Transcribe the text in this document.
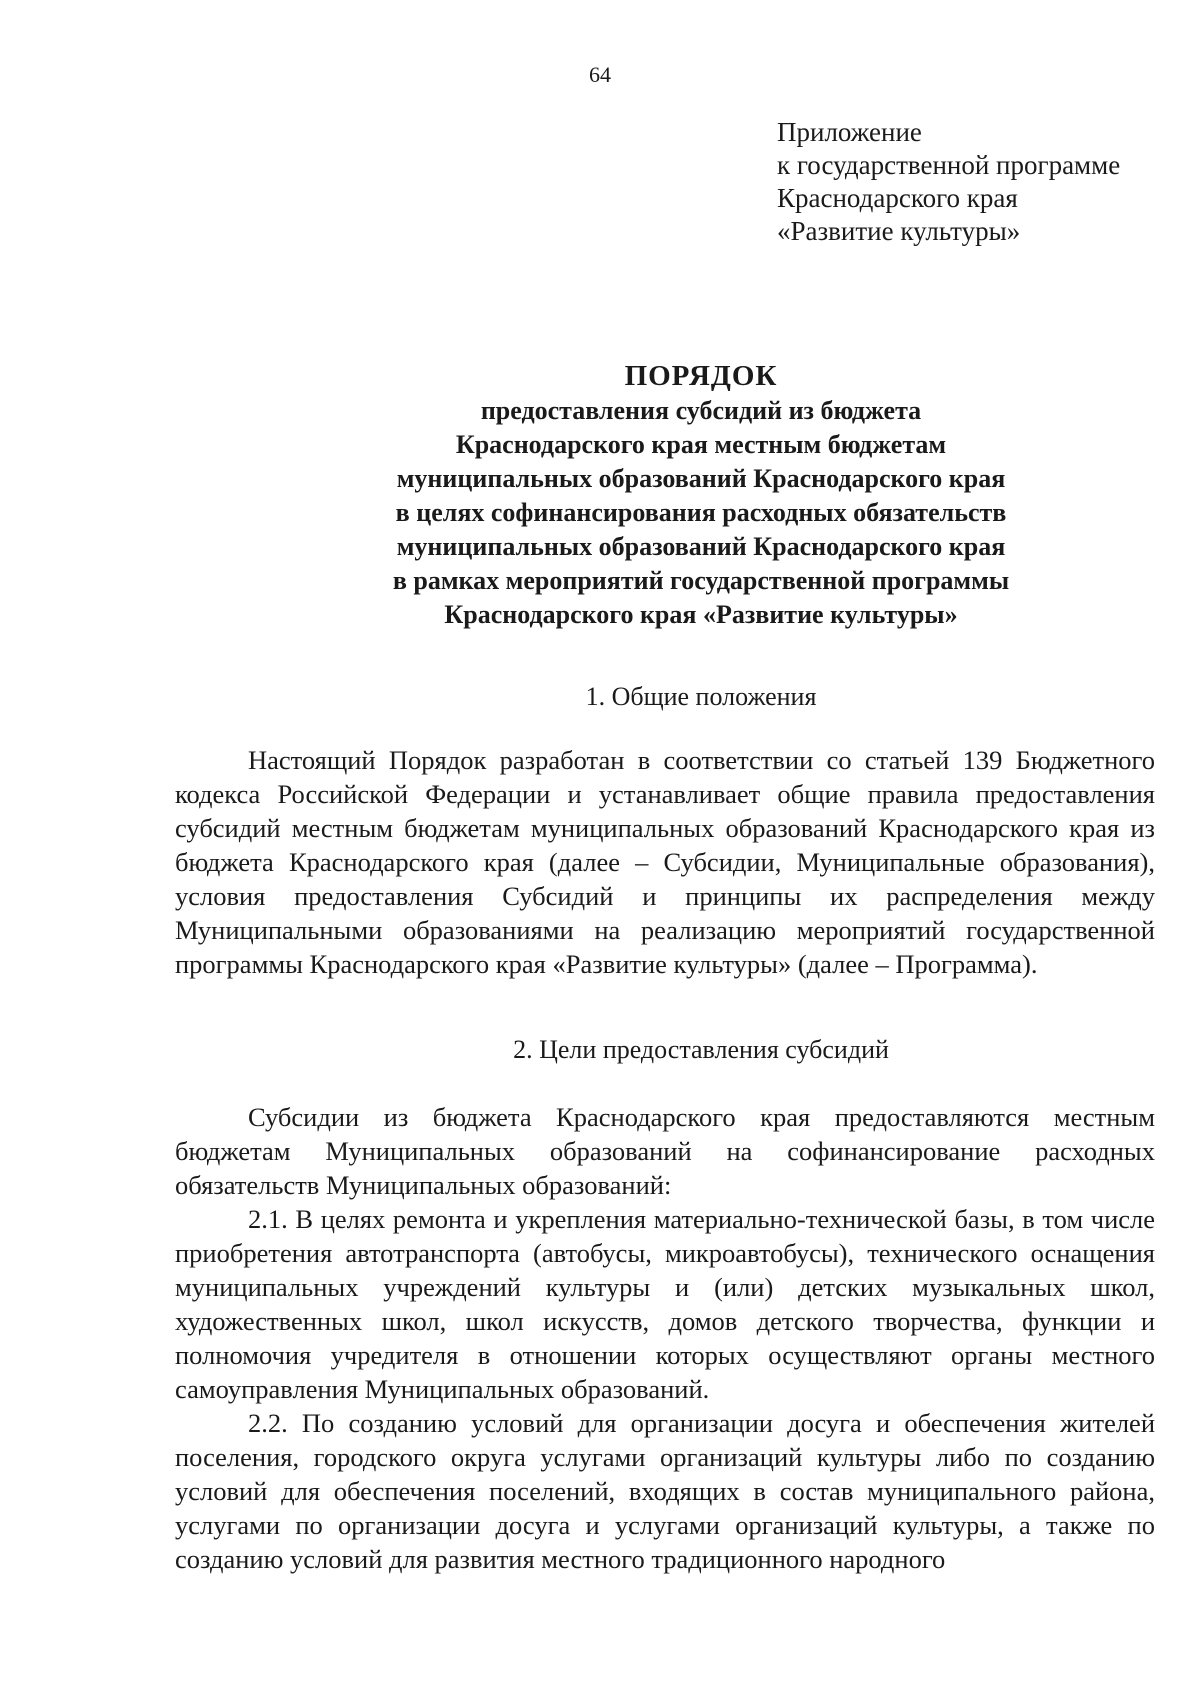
64
Приложение
к государственной программе
Краснодарского края
«Развитие культуры»
ПОРЯДОК
предоставления субсидий из бюджета
Краснодарского края местным бюджетам
муниципальных образований Краснодарского края
в целях софинансирования расходных обязательств
муниципальных образований Краснодарского края
в рамках мероприятий государственной программы
Краснодарского края «Развитие культуры»
1. Общие положения

Настоящий Порядок разработан в соответствии со статьей 139 Бюджетного кодекса Российской Федерации и устанавливает общие правила предоставления субсидий местным бюджетам муниципальных образований Краснодарского края из бюджета Краснодарского края (далее – Субсидии, Муниципальные образования), условия предоставления Субсидий и принципы их распределения между Муниципальными образованиями на реализацию мероприятий государственной программы Краснодарского края «Развитие культуры» (далее – Программа).

2. Цели предоставления субсидий

Субсидии из бюджета Краснодарского края предоставляются местным бюджетам Муниципальных образований на софинансирование расходных обязательств Муниципальных образований:

2.1. В целях ремонта и укрепления материально-технической базы, в том числе приобретения автотранспорта (автобусы, микроавтобусы), технического оснащения муниципальных учреждений культуры и (или) детских музыкальных школ, художественных школ, школ искусств, домов детского творчества, функции и полномочия учредителя в отношении которых осуществляют органы местного самоуправления Муниципальных образований.

2.2. По созданию условий для организации досуга и обеспечения жителей поселения, городского округа услугами организаций культуры либо по созданию условий для обеспечения поселений, входящих в состав муниципального района, услугами по организации досуга и услугами организаций культуры, а также по созданию условий для развития местного традиционного народного
